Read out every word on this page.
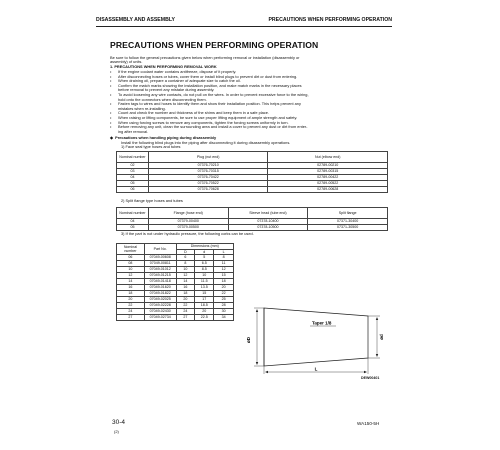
DISASSEMBLY AND ASSEMBLY	PRECAUTIONS WHEN PERFORMING OPERATION
PRECAUTIONS WHEN PERFORMING OPERATION
Be sure to follow the general precautions given below when performing removal or installation (disassembly or
assembly) of units.
1. PRECAUTIONS WHEN PERFORMING REMOVAL WORK
• If the engine coolant water contains antifreeze, dispose of it properly.
• After disconnecting hoses or tubes, cover them or install blind plugs to prevent dirt or dust from entering.
• When draining oil, prepare a container of adequate size to catch the oil.
• Confirm the match marks showing the installation position, and make match marks in the necessary places
before removal to prevent any mistake during assembly.
• To avoid loosening any wire contacts, do not pull on the wires. In order to prevent excessive force to the wiring,
hold onto the connectors when disconnecting them.
• Fasten tags to wires and hoses to identify them and show their installation position. This helps prevent any
mistakes when re-installing.
• Count and check the number and thickness of the shims and keep them in a safe place.
• When raising or lifting components, be sure to use proper lifting equipment of ample strength and safety.
• When using forcing screws to remove any components, tighten the forcing screws uniformly in turn.
• Before removing any unit, clean the surrounding area and install a cover to prevent any dust or dirt from enter-
ing after removal.
◆  Precautions when handling piping during disassembly
Install the following blind plugs into the piping after disconnecting it during disassembly operations.
1) Face seal type hoses and tubes
Nominal number	Plug (nut end)	Nut (elbow end)
02	07376-70210	02789-00210
03	07376-70315	02789-00315
04	07376-70422	02789-00422
05	07376-70522	02789-00522
06	07376-70628	02789-00628
2) Split flange type hoses and tubes
Nominal number	Flange (hose end)	Sleeve head (tube end)	Split flange
04	07379-00400	07378-10400	07371-30400
05	07379-00500	07378-10500	07371-30500
3) If the part is not under hydraulic pressure, the following corks can be used.
Nominal number	Part No.	Dimensions (mm)		
		D	d	L
06	07049-00608	6	5	8
08	07049-00811	8	6.5	11
10	07049-01012	10	8.5	12
12	07049-01215	12	10	15
14	07049-01418	14	11.5	18
16	07049-01620	16	13.5	20
18	07049-01822	18	15	22
20	07049-02025	20	17	25
22	07049-02228	22	18.5	28
24	07049-02430	24	20	30
27	07049-02734	27	22.5	34
øD	ød
Taper 1/8
L
DEW00401
30-4
(2)
WA150-5H
